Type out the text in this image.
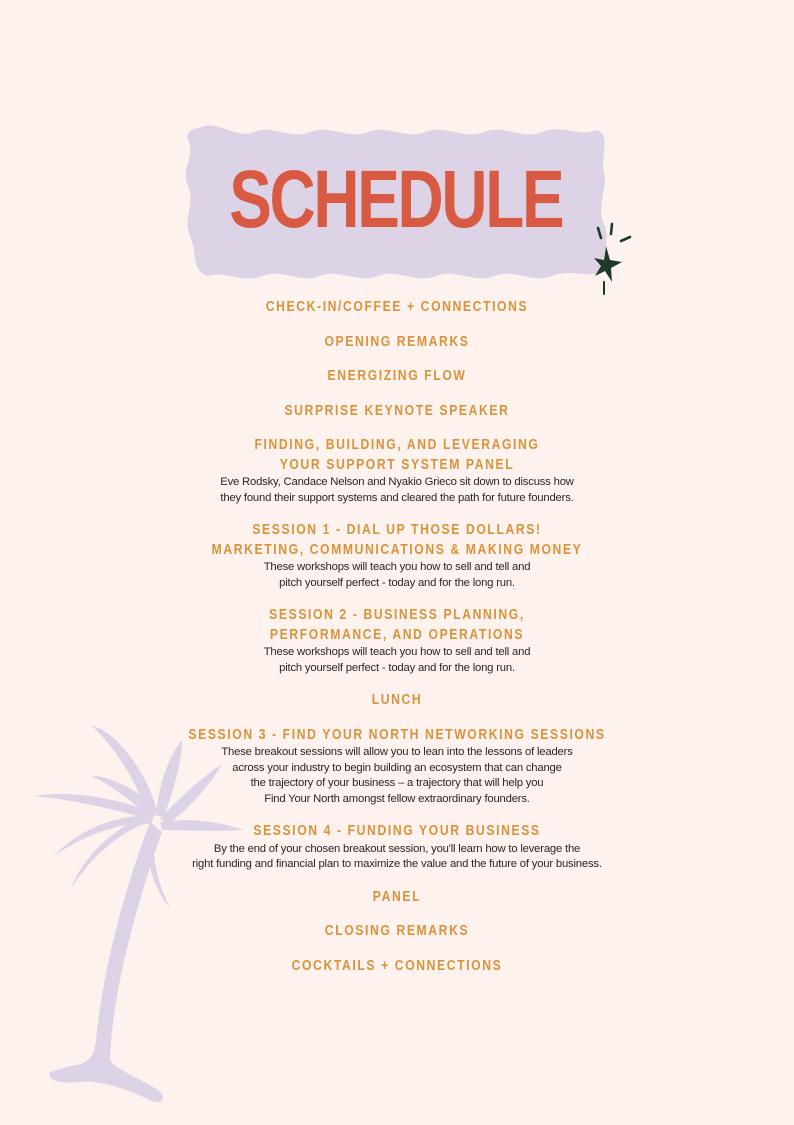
SCHEDULE
CHECK-IN/COFFEE + CONNECTIONS
OPENING REMARKS
ENERGIZING FLOW
SURPRISE KEYNOTE SPEAKER
FINDING, BUILDING, AND LEVERAGING
YOUR SUPPORT SYSTEM PANEL
Eve Rodsky, Candace Nelson and Nyakio Grieco sit down to discuss how
they found their support systems and cleared the path for future founders.
SESSION 1 - DIAL UP THOSE DOLLARS!
MARKETING, COMMUNICATIONS & MAKING MONEY
These workshops will teach you how to sell and tell and
pitch yourself perfect - today and for the long run.
SESSION 2 - BUSINESS PLANNING,
PERFORMANCE, AND OPERATIONS
These workshops will teach you how to sell and tell and
pitch yourself perfect - today and for the long run.
LUNCH
SESSION 3 - FIND YOUR NORTH NETWORKING SESSIONS
These breakout sessions will allow you to lean into the lessons of leaders
across your industry to begin building an ecosystem that can change
the trajectory of your business – a trajectory that will help you
Find Your North amongst fellow extraordinary founders.
SESSION 4 - FUNDING YOUR BUSINESS
By the end of your chosen breakout session, you'll learn how to leverage the
right funding and financial plan to maximize the value and the future of your business.
PANEL
CLOSING REMARKS
COCKTAILS + CONNECTIONS
